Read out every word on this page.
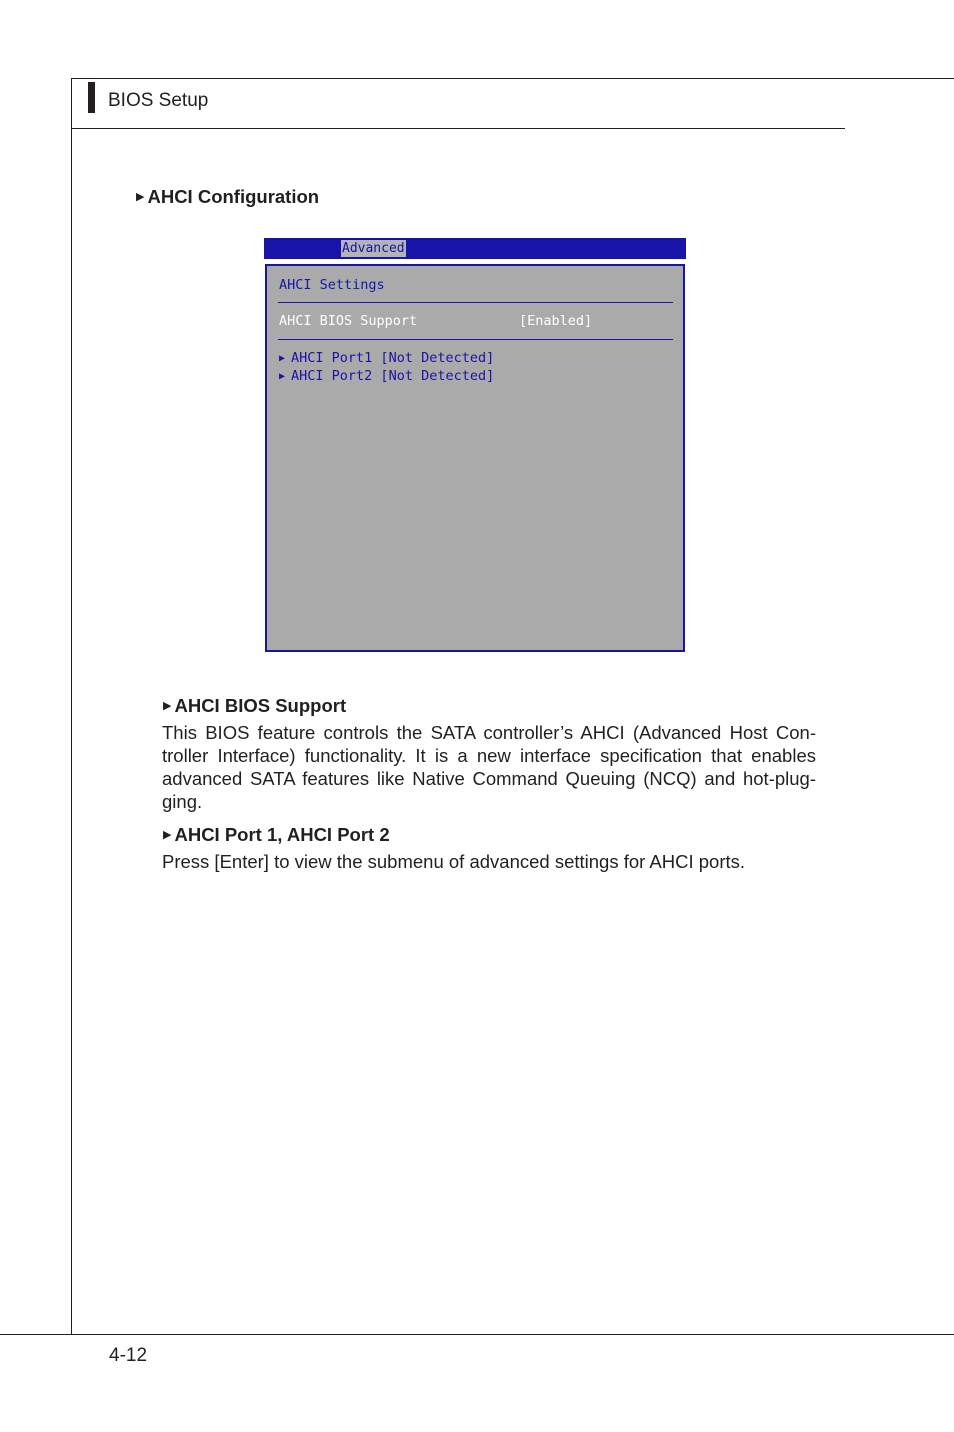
BIOS Setup
▶ AHCI Configuration
Advanced
AHCI Settings
AHCI BIOS Support	[Enabled]
▶ AHCI Port1 [Not Detected]
▶ AHCI Port2 [Not Detected]
▶ AHCI BIOS Support
This BIOS feature controls the SATA controller’s AHCI (Advanced Host Con-troller Interface) functionality. It is a new interface specification that enables advanced SATA features like Native Command Queuing (NCQ) and hot-plug-ging.
▶ AHCI Port 1, AHCI Port 2
Press [Enter] to view the submenu of advanced settings for AHCI ports.
4-12
